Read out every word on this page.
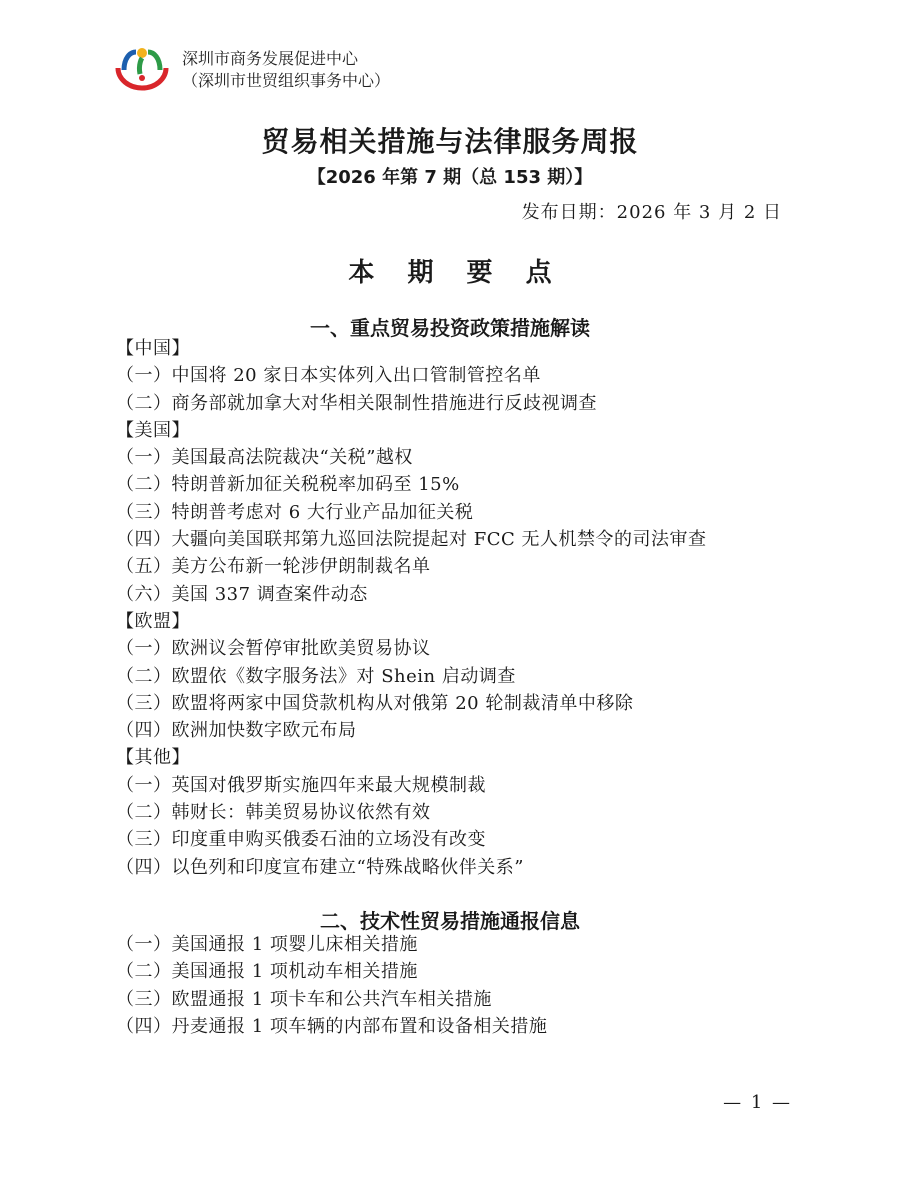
深圳市商务发展促进中心
（深圳市世贸组织事务中心）
贸易相关措施与法律服务周报
【2026 年第 7 期（总 153 期）】
发布日期：2026 年 3 月 2 日
本 期 要 点
一、重点贸易投资政策措施解读
【中国】
（一）中国将 20 家日本实体列入出口管制管控名单
（二）商务部就加拿大对华相关限制性措施进行反歧视调查
【美国】
（一）美国最高法院裁决“关税”越权
（二）特朗普新加征关税税率加码至 15%
（三）特朗普考虑对 6 大行业产品加征关税
（四）大疆向美国联邦第九巡回法院提起对 FCC 无人机禁令的司法审查
（五）美方公布新一轮涉伊朗制裁名单
（六）美国 337 调查案件动态
【欧盟】
（一）欧洲议会暂停审批欧美贸易协议
（二）欧盟依《数字服务法》对 Shein 启动调查
（三）欧盟将两家中国贷款机构从对俄第 20 轮制裁清单中移除
（四）欧洲加快数字欧元布局
【其他】
（一）英国对俄罗斯实施四年来最大规模制裁
（二）韩财长：韩美贸易协议依然有效
（三）印度重申购买俄委石油的立场没有改变
（四）以色列和印度宣布建立“特殊战略伙伴关系”
二、技术性贸易措施通报信息
（一）美国通报 1 项婴儿床相关措施
（二）美国通报 1 项机动车相关措施
（三）欧盟通报 1 项卡车和公共汽车相关措施
（四）丹麦通报 1 项车辆的内部布置和设备相关措施
— 1 —
